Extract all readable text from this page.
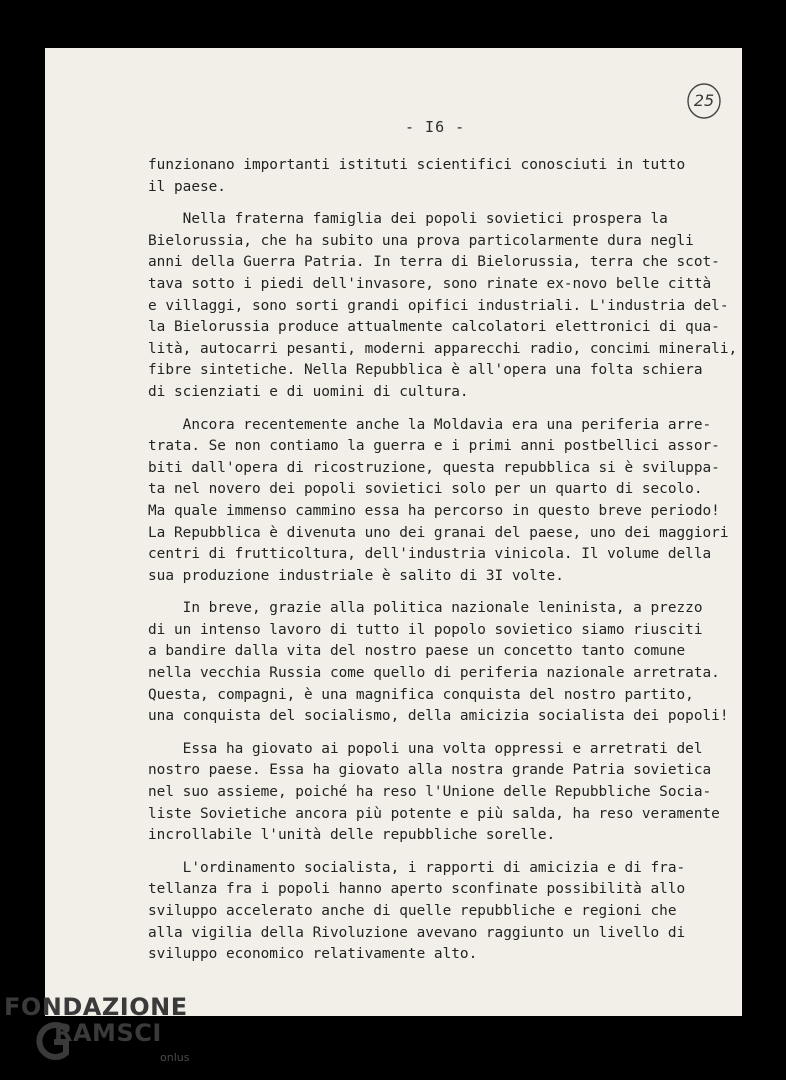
25
- I6 -
funzionano importanti istituti scientifici conosciuti in tutto
il paese.
Nella fraterna famiglia dei popoli sovietici prospera la
Bielorussia, che ha subito una prova particolarmente dura negli
anni della Guerra Patria. In terra di Bielorussia, terra che scot-
tava sotto i piedi dell'invasore, sono rinate ex-novo belle città
e villaggi, sono sorti grandi opifici industriali. L'industria del-
la Bielorussia produce attualmente calcolatori elettronici di qua-
lità, autocarri pesanti, moderni apparecchi radio, concimi minerali,
fibre sintetiche. Nella Repubblica è all'opera una folta schiera
di scienziati e di uomini di cultura.
Ancora recentemente anche la Moldavia era una periferia arre-
trata. Se non contiamo la guerra e i primi anni postbellici assor-
biti dall'opera di ricostruzione, questa repubblica si è sviluppa-
ta nel novero dei popoli sovietici solo per un quarto di secolo.
Ma quale immenso cammino essa ha percorso in questo breve periodo!
La Repubblica è divenuta uno dei granai del paese, uno dei maggiori
centri di frutticoltura, dell'industria vinicola. Il volume della
sua produzione industriale è salito di 3I volte.
In breve, grazie alla politica nazionale leninista, a prezzo
di un intenso lavoro di tutto il popolo sovietico siamo riusciti
a bandire dalla vita del nostro paese un concetto tanto comune
nella vecchia Russia come quello di periferia nazionale arretrata.
Questa, compagni, è una magnifica conquista del nostro partito,
una conquista del socialismo, della amicizia socialista dei popoli!
Essa ha giovato ai popoli una volta oppressi e arretrati del
nostro paese. Essa ha giovato alla nostra grande Patria sovietica
nel suo assieme, poiché ha reso l'Unione delle Repubbliche Socia-
liste Sovietiche ancora più potente e più salda, ha reso veramente
incrollabile l'unità delle repubbliche sorelle.
L'ordinamento socialista, i rapporti di amicizia e di fra-
tellanza fra i popoli hanno aperto sconfinate possibilità allo
sviluppo accelerato anche di quelle repubbliche e regioni che
alla vigilia della Rivoluzione avevano raggiunto un livello di
sviluppo economico relativamente alto.
FONDAZIONE
RAMSCI
onlus
